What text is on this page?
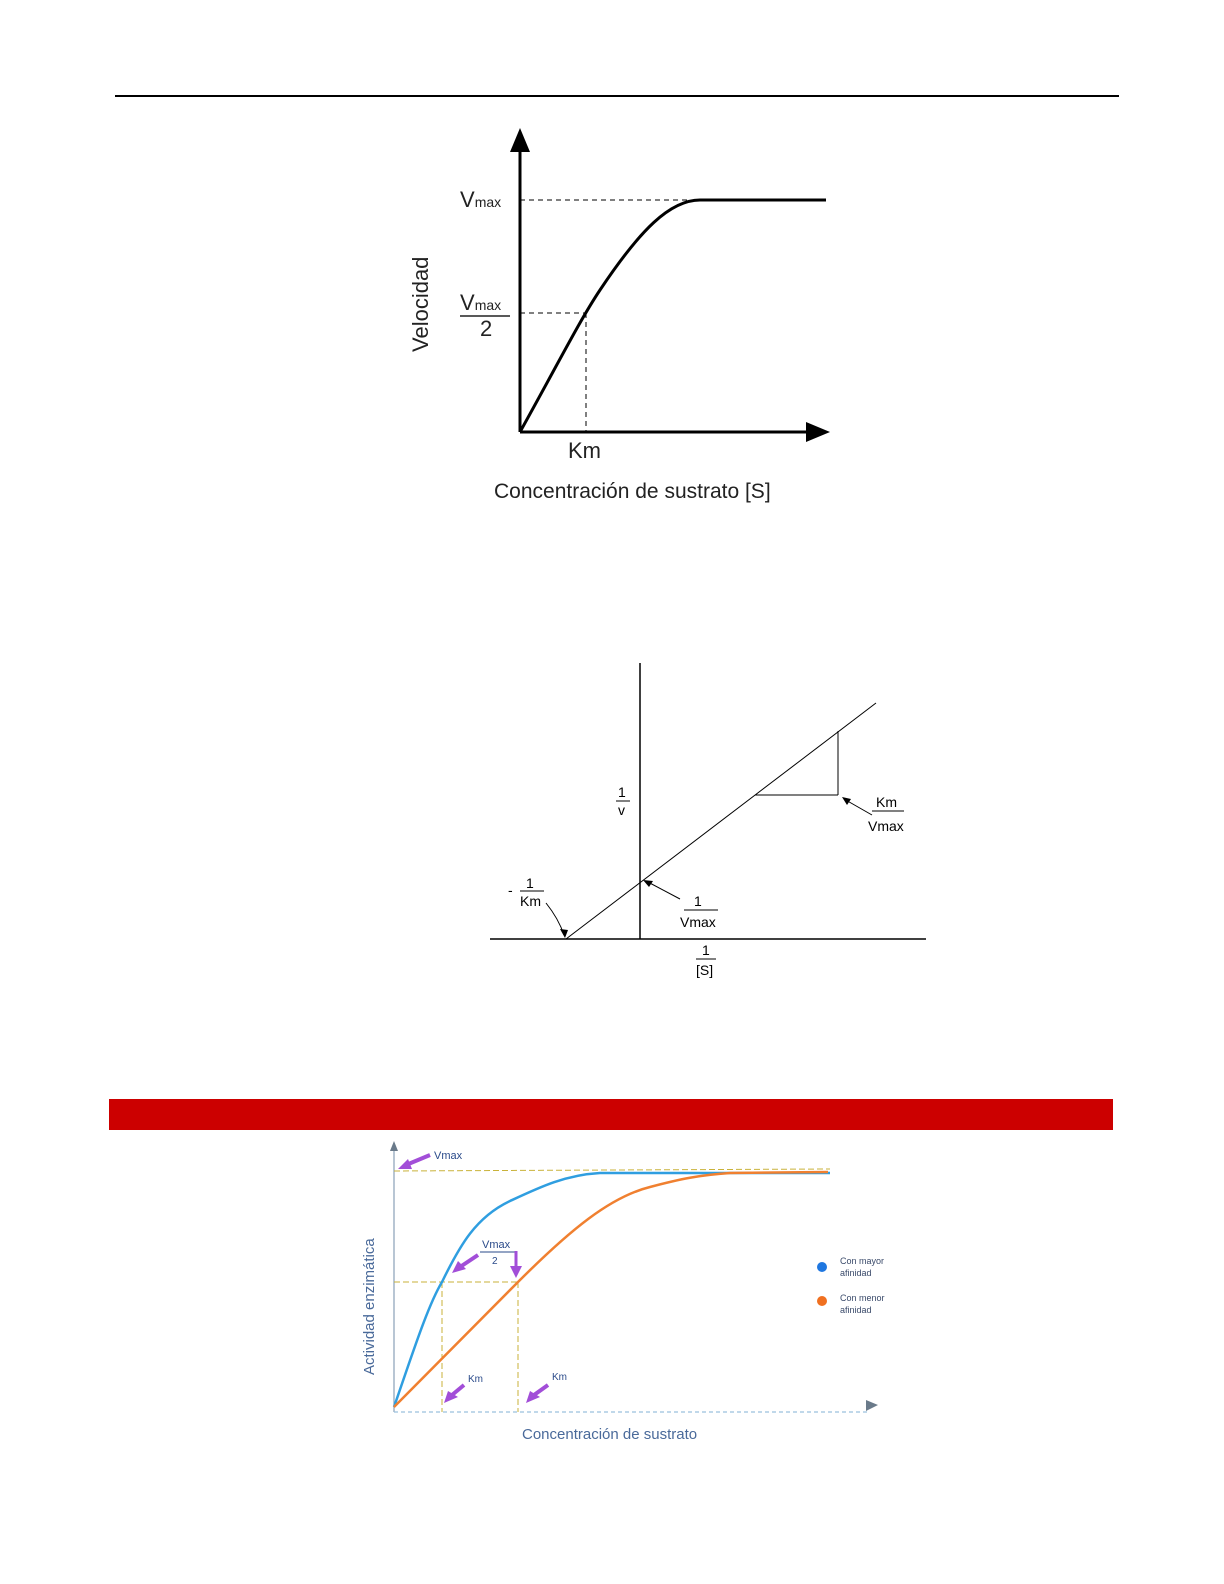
Vmax
Vmax
2
Velocidad
Km
Concentración de sustrato [S]
1
v
1
[S]
Km
Vmax
1
Vmax
- 1
Km
Vmax
Vmax
2
Km	Km
Actividad enzimática
Concentración de sustrato
Con mayor
afinidad
Con menor
afinidad
